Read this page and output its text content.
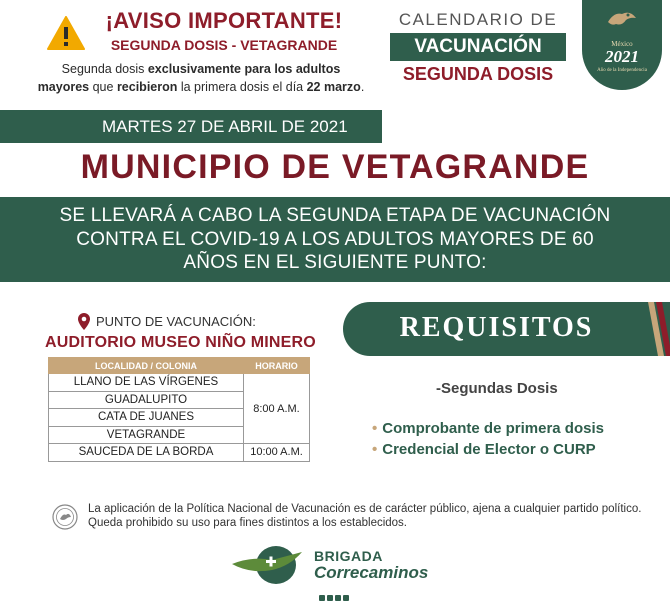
¡AVISO IMPORTANTE!
SEGUNDA DOSIS - VETAGRANDE
Segunda dosis exclusivamente para los adultos
mayores que recibieron la primera dosis el día 22 marzo.
CALENDARIO DE
VACUNACIÓN
SEGUNDA DOSIS
México
2021
Año de la Independencia
MARTES 27 DE ABRIL DE 2021
MUNICIPIO DE VETAGRANDE
SE LLEVARÁ A CABO LA SEGUNDA ETAPA DE VACUNACIÓN
CONTRA EL COVID-19 A LOS ADULTOS MAYORES DE 60
AÑOS EN EL SIGUIENTE PUNTO:
PUNTO DE VACUNACIÓN:
AUDITORIO MUSEO NIÑO MINERO
LOCALIDAD / COLONIA	HORARIO
LLANO DE LAS VÍRGENES	8:00 A.M.
GUADALUPITO	
CATA DE JUANES	
VETAGRANDE	
SAUCEDA DE LA BORDA	10:00 A.M.
REQUISITOS
-Segundas Dosis
• Comprobante de primera dosis
• Credencial de Elector o CURP
La aplicación de la Política Nacional de Vacunación es de carácter público, ajena a cualquier partido político. Queda prohibido su uso para fines distintos a los establecidos.
BRIGADA
Correcaminos
